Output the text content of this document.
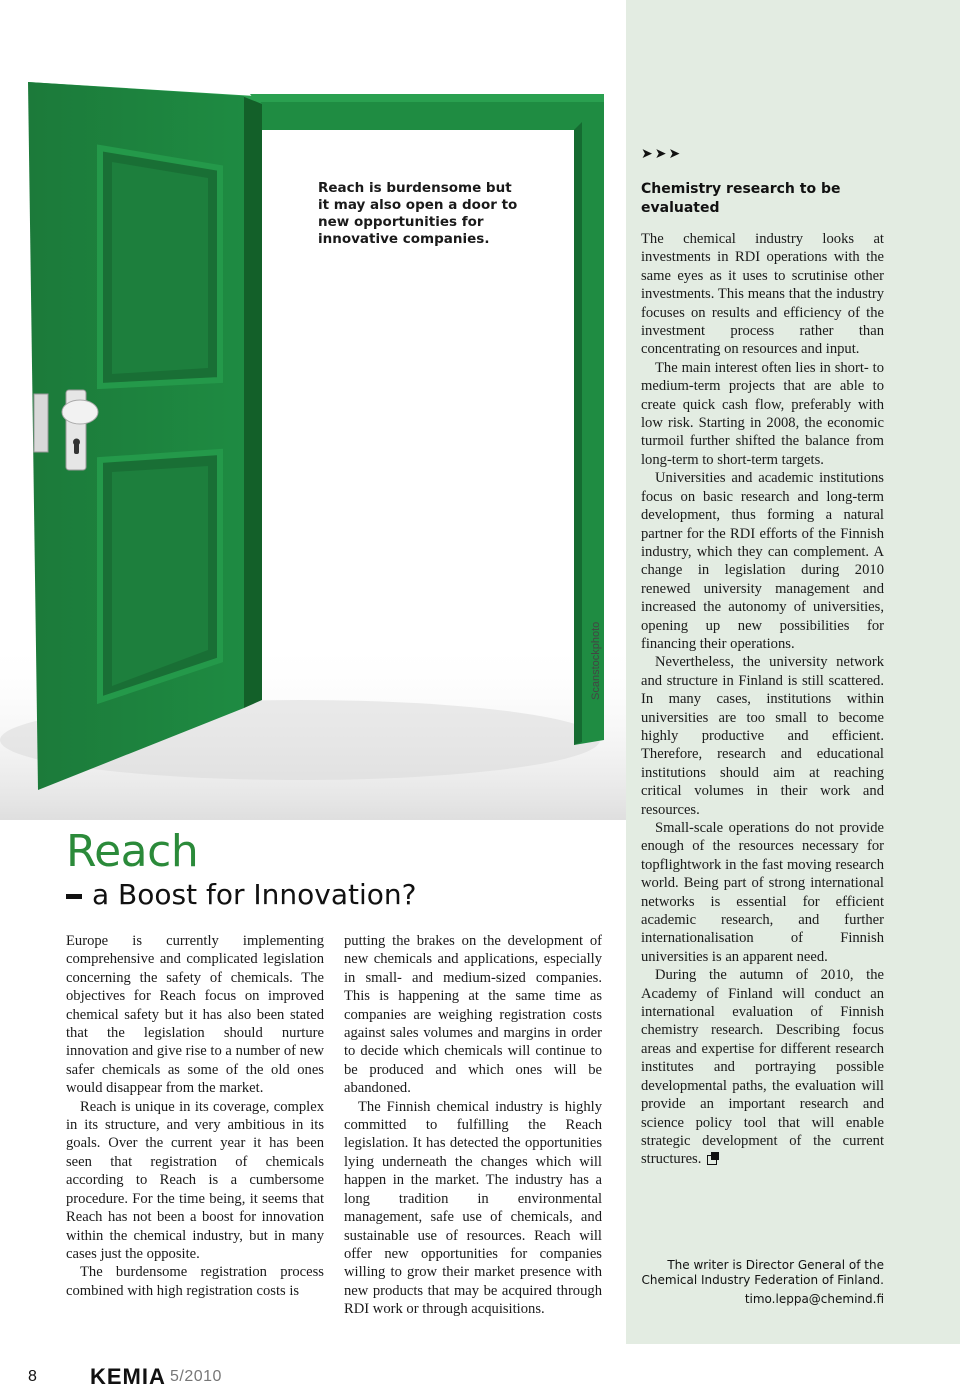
Scanstockphoto
Reach is burdensome but it may also open a door to new opportunities for innovative companies.
Reach
a Boost for Innovation?

Europe is currently implementing comprehensive and complicated legislation concerning the safety of chemicals. The objectives for Reach focus on improved chemical safety but it has also been stated that the legislation should nurture innovation and give rise to a number of new safer chemicals as some of the old ones would disappear from the market.

Reach is unique in its coverage, complex in its structure, and very ambitious in its goals. Over the current year it has been seen that registration of chemicals according to Reach is a cumbersome procedure. For the time being, it seems that Reach has not been a boost for innovation within the chemical industry, but in many cases just the opposite.

The burdensome registration process combined with high registration costs is

putting the brakes on the development of new chemicals and applications, especially in small- and medium-sized companies. This is happening at the same time as companies are weighing registration costs against sales volumes and margins in order to decide which chemicals will continue to be produced and which ones will be abandoned.

The Finnish chemical industry is highly committed to fulfilling the Reach legislation. It has detected the opportunities lying underneath the changes which will happen in the market. The industry has a long tradition in environmental management, safe use of chemicals, and sustainable use of resources. Reach will offer new opportunities for companies willing to grow their market presence with new products that may be acquired through RDI work or through acquisitions.

➤➤➤
Chemistry research to be evaluated

The chemical industry looks at investments in RDI operations with the same eyes as it uses to scrutinise other investments. This means that the industry focuses on results and efficiency of the investment process rather than concentrating on resources and input.

The main interest often lies in short- to medium-term projects that are able to create quick cash flow, preferably with low risk. Starting in 2008, the economic turmoil further shifted the balance from long-term to short-term targets.

Universities and academic institutions focus on basic research and long-term development, thus forming a natural partner for the RDI efforts of the Finnish industry, which they can complement. A change in legislation during 2010 renewed university management and increased the autonomy of universities, opening up new possibilities for financing their operations.

Nevertheless, the university network and structure in Finland is still scattered. In many cases, institutions within universities are too small to become highly productive and efficient. Therefore, research and educational institutions should aim at reaching critical volumes in their work and resources.

Small-scale operations do not provide enough of the resources necessary for topflightwork in the fast moving research world. Being part of strong international networks is essential for efficient academic research, and further internationalisation of Finnish universities is an apparent need.

During the autumn of 2010, the Academy of Finland will conduct an international evaluation of Finnish chemistry research. Describing focus areas and expertise for different research institutes and portraying possible developmental paths, the evaluation will provide an important research and science policy tool that will enable strategic development of the current structures.

The writer is Director General of the Chemical Industry Federation of Finland.
timo.leppa@chemind.fi
8 KEMIA 5/2010
